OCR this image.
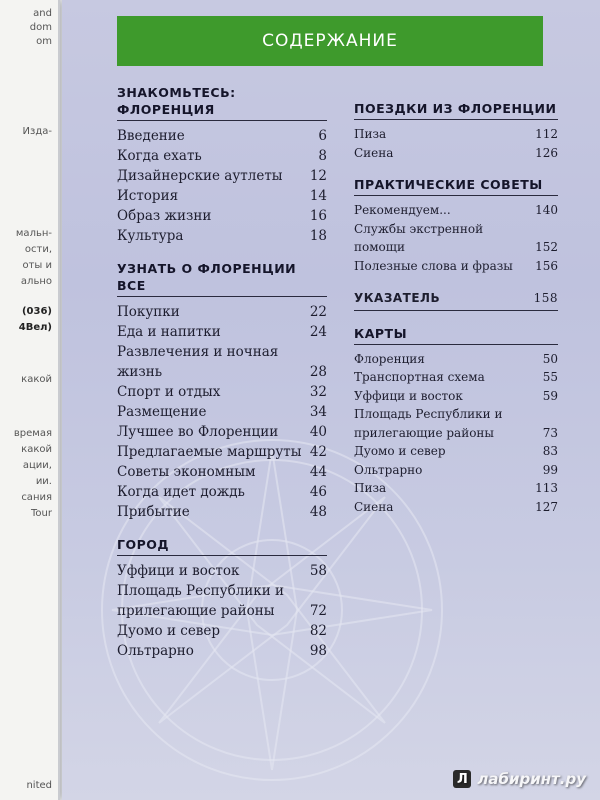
and
dom
om
Изда-
мальн-
ости,
оты и
ально
(036)
4Вел)
какой
времая
какой
ации,
ии.
сания
Tour
nited
СОДЕРЖАНИЕ
ЗНАКОМЬТЕСЬ: ФЛОРЕНЦИЯ
Введение	6
Когда ехать	8
Дизайнерские аутлеты 12
История	14
Образ жизни	16
Культура	18
УЗНАТЬ О ФЛОРЕНЦИИ ВСЕ
Покупки	22
Еда и напитки	24
Развлечения и ночная жизнь	28
Спорт и отдых	32
Размещение	34
Лучшее во Флоренции 40
Предлагаемые маршруты 42
Советы экономным	44
Когда идет дождь	46
Прибытие	48
ГОРОД
Уффици и восток	58
Площадь Республики и прилегающие районы	72
Дуомо и север	82
Ольтрарно	98
ПОЕЗДКИ ИЗ ФЛОРЕНЦИИ
Пиза	112
Сиена	126
ПРАКТИЧЕСКИЕ СОВЕТЫ
Рекомендуем...	140
Службы экстренной помощи	152
Полезные слова и фразы	156
УКАЗАТЕЛЬ	158
КАРТЫ
Флоренция	50
Транспортная схема	55
Уффици и восток	59
Площадь Республики и прилегающие районы	73
Дуомо и север	83
Ольтрарно	99
Пиза	113
Сиена	127
Л лабиринт.ру
